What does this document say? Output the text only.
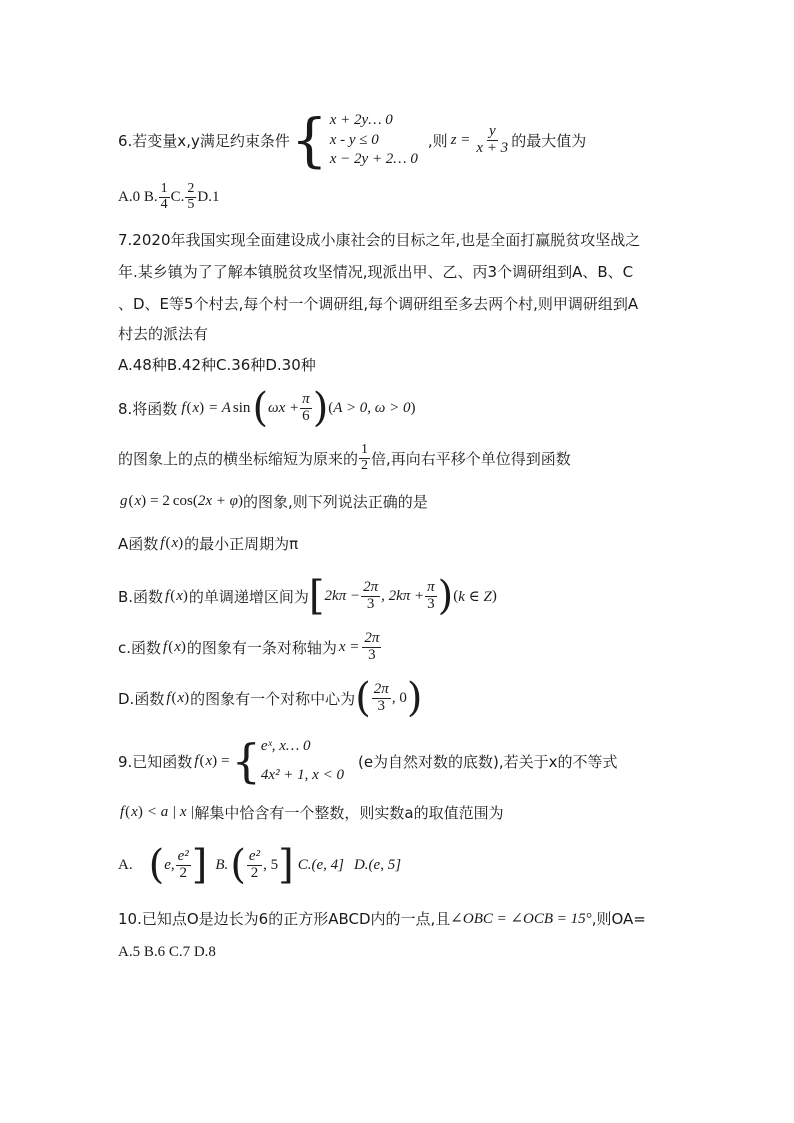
6.若变量x,y满足约束条件 { x + 2y… 0
x - y ≤ 0
x − 2y + 2… 0
,则 $z = \frac{y}{x + 3}$ 的最大值为
A.0 B. $\frac{1}{4} C$. $\frac{2}{5} D.1$
7.2020年我国实现全面建设成小康社会的目标之年,也是全面打赢脱贫攻坚战之
年.某乡镇为了了解本镇脱贫攻坚情况,现派出甲、乙、丙3个调研组到A、B、C
、D、E等5个村去,每个村一个调研组,每个调研组至多去两个村,则甲调研组到A
村去的派法有
A.48种B.42种C.36种D.30种
8.将函数 f ( x ) = A sin ( $\omega x + \frac{\pi}{6}$ ) ( A > 0, ω > 0 )
的图象上的点的横坐标缩短为原来的 $\frac{1}{2}$ 倍,再向右平移个单位得到函数
g ( x ) = 2 cos ( 2x + φ ) 的图象,则下列说法正确的是
A函数 f ( x ) 的最小正周期为π
B.函数 f ( x ) 的单调递增区间为 [ $2k\pi - \frac{2\pi}{3}$ , $2k\pi + \frac{\pi}{3}$ ) ( k ∈ Z )
c.函数 f ( x ) 的图象有一条对称轴为 $x = \frac{2\pi}{3}$
D.函数 f ( x ) 的图象有一个对称中心为 ( $\frac{2\pi}{3}$ , 0 )
9.已知函数 f ( x ) = { eˣ, x… 0
4x² + 1, x < 0
(e为自然对数的底数),若关于x的不等式
f ( x ) < a | x | 解集中恰含有一个整数，则实数a的取值范围为
A. ( e, $\frac{\text{e²}}{2}$ ] B. ( $\frac{\text{e²}}{2}$ , 5 ] C. (e, 4] D. (e, 5]
10.已知点O是边长为6的正方形ABCD内的一点,且 ∠OBC = ∠OCB = 15° ,则OA=
A.5 B.6 C.7 D.8
